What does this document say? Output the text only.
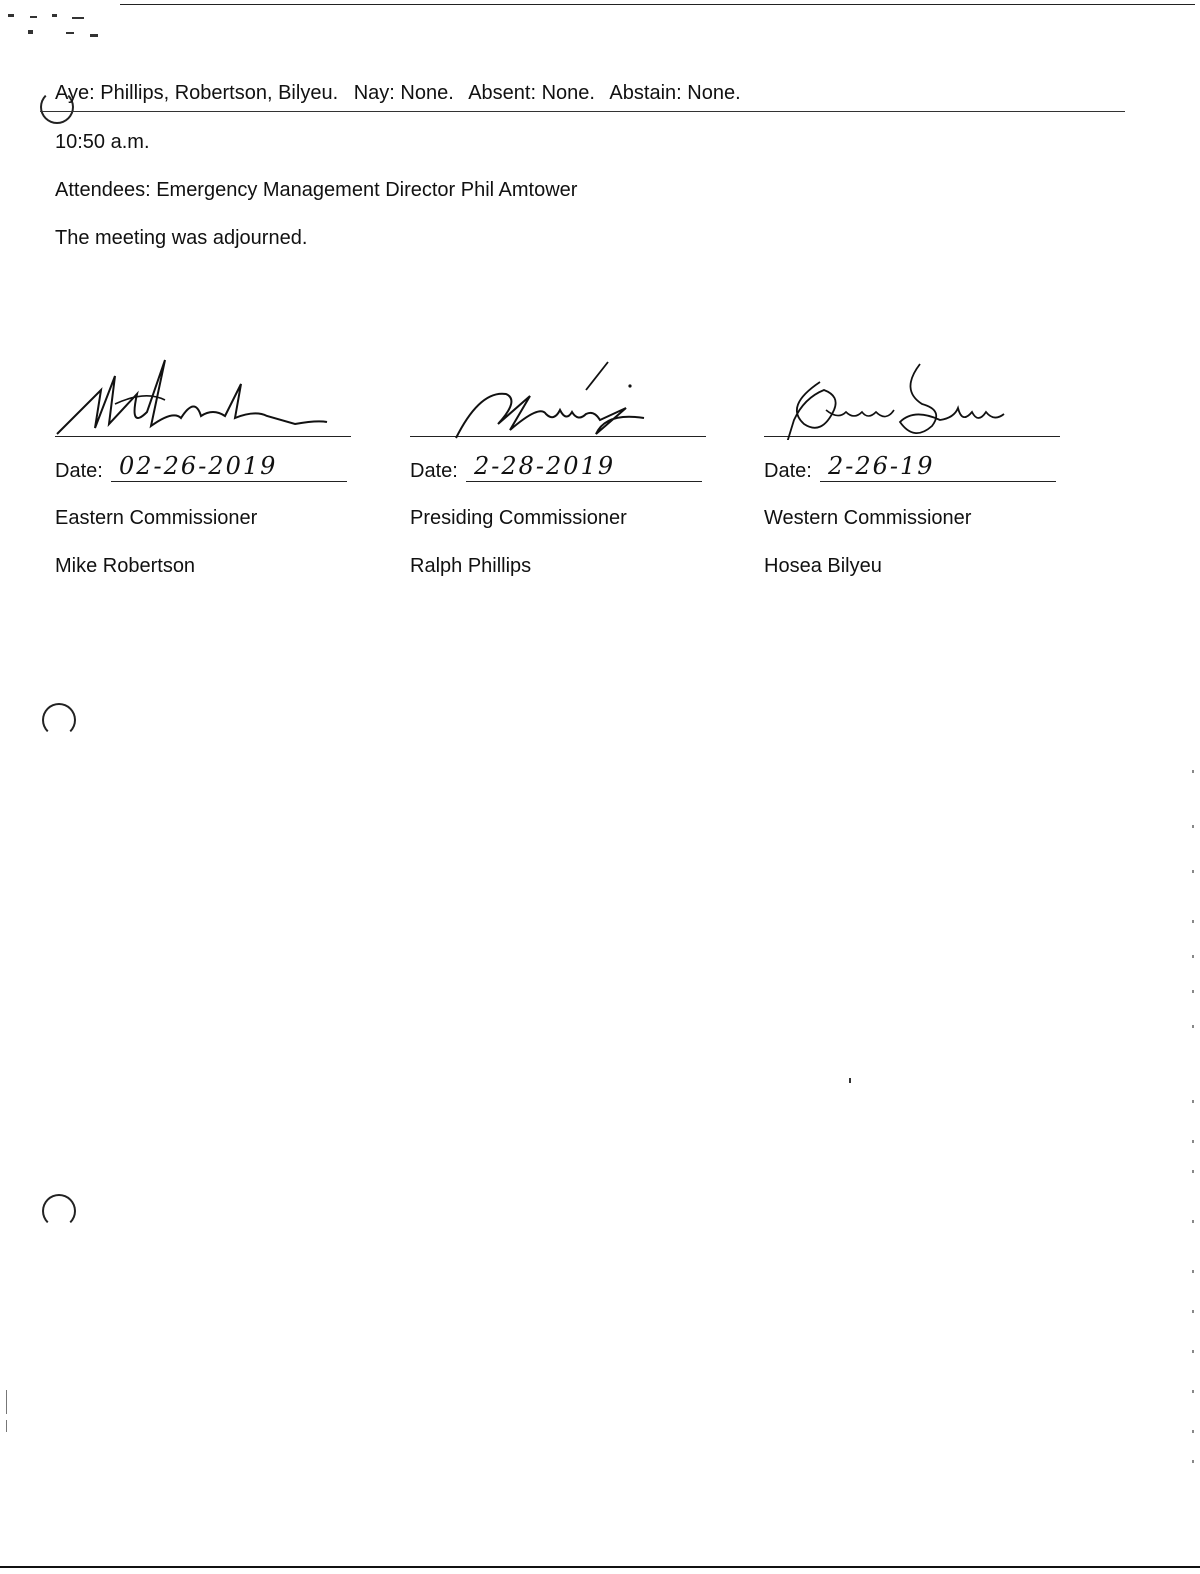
Aye: Phillips, Robertson, Bilyeu. Nay: None. Absent: None. Abstain: None.
10:50 a.m.
Attendees: Emergency Management Director Phil Amtower
The meeting was adjourned.
Date: 02-26-2019
Eastern Commissioner
Mike Robertson
Date: 2-28-2019
Presiding Commissioner
Ralph Phillips
Date: 2-26-19
Western Commissioner
Hosea Bilyeu
